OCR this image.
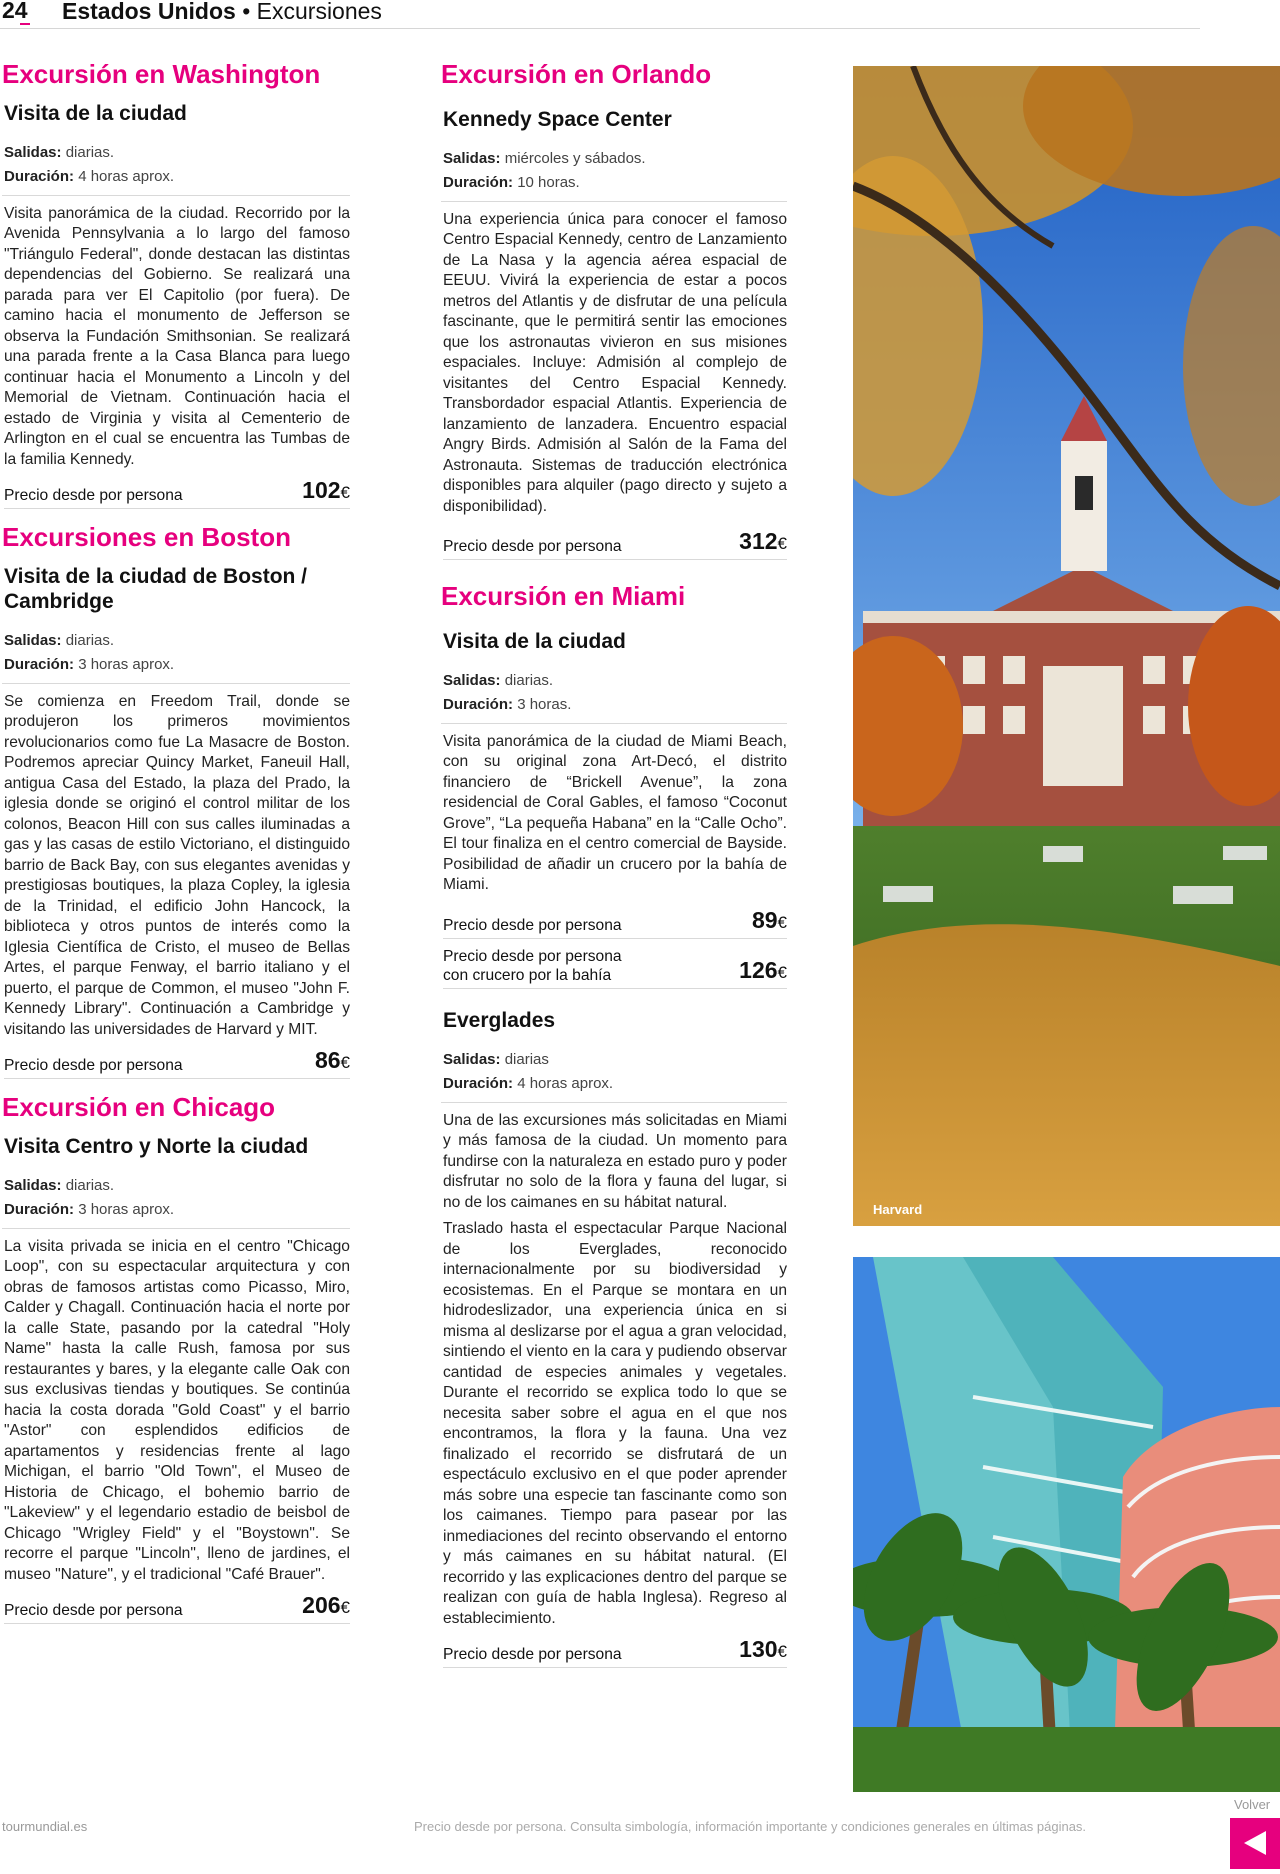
24 Estados Unidos • Excursiones
Excursión en Washington
Visita de la ciudad
Salidas: diarias.
Duración: 4 horas aprox.

Visita panorámica de la ciudad. Recorrido por la Avenida Pennsylvania a lo largo del famoso "Triángulo Federal", donde destacan las distintas dependencias del Gobierno. Se realizará una parada para ver El Capitolio (por fuera). De camino hacia el monumento de Jefferson se observa la Fundación Smithsonian. Se realizará una parada frente a la Casa Blanca para luego continuar hacia el Monumento a Lincoln y del Memorial de Vietnam. Continuación hacia el estado de Virginia y visita al Cementerio de Arlington en el cual se encuentra las Tumbas de la familia Kennedy.

Precio desde por persona	102€
Excursiones en Boston
Visita de la ciudad de Boston / Cambridge
Salidas: diarias.
Duración: 3 horas aprox.

Se comienza en Freedom Trail, donde se produjeron los primeros movimientos revolucionarios como fue La Masacre de Boston. Podremos apreciar Quincy Market, Faneuil Hall, antigua Casa del Estado, la plaza del Prado, la iglesia donde se originó el control militar de los colonos, Beacon Hill con sus calles iluminadas a gas y las casas de estilo Victoriano, el distinguido barrio de Back Bay, con sus elegantes avenidas y prestigiosas boutiques, la plaza Copley, la iglesia de la Trinidad, el edificio John Hancock, la biblioteca y otros puntos de interés como la Iglesia Científica de Cristo, el museo de Bellas Artes, el parque Fenway, el barrio italiano y el puerto, el parque de Common, el museo "John F. Kennedy Library". Continuación a Cambridge y visitando las universidades de Harvard y MIT.

Precio desde por persona	86€
Excursión en Chicago
Visita Centro y Norte la ciudad
Salidas: diarias.
Duración: 3 horas aprox.

La visita privada se inicia en el centro "Chicago Loop", con su espectacular arquitectura y con obras de famosos artistas como Picasso, Miro, Calder y Chagall. Continuación hacia el norte por la calle State, pasando por la catedral "Holy Name" hasta la calle Rush, famosa por sus restaurantes y bares, y la elegante calle Oak con sus exclusivas tiendas y boutiques. Se continúa hacia la costa dorada "Gold Coast" y el barrio "Astor" con esplendidos edificios de apartamentos y residencias frente al lago Michigan, el barrio "Old Town", el Museo de Historia de Chicago, el bohemio barrio de "Lakeview" y el legendario estadio de beisbol de Chicago "Wrigley Field" y el "Boystown". Se recorre el parque "Lincoln", lleno de jardines, el museo "Nature", y el tradicional "Café Brauer".

Precio desde por persona	206€
Excursión en Orlando
Kennedy Space Center
Salidas: miércoles y sábados.
Duración: 10 horas.

Una experiencia única para conocer el famoso Centro Espacial Kennedy, centro de Lanzamiento de La Nasa y la agencia aérea espacial de EEUU. Vivirá la experiencia de estar a pocos metros del Atlantis y de disfrutar de una película fascinante, que le permitirá sentir las emociones que los astronautas vivieron en sus misiones espaciales. Incluye: Admisión al complejo de visitantes del Centro Espacial Kennedy. Transbordador espacial Atlantis. Experiencia de lanzamiento de lanzadera. Encuentro espacial Angry Birds. Admisión al Salón de la Fama del Astronauta. Sistemas de traducción electrónica disponibles para alquiler (pago directo y sujeto a disponibilidad).

Precio desde por persona	312€
Excursión en Miami
Visita de la ciudad
Salidas: diarias.
Duración: 3 horas.

Visita panorámica de la ciudad de Miami Beach, con su original zona Art-Decó, el distrito financiero de “Brickell Avenue”, la zona residencial de Coral Gables, el famoso “Coconut Grove”, “La pequeña Habana” en la “Calle Ocho”. El tour finaliza en el centro comercial de Bayside. Posibilidad de añadir un crucero por la bahía de Miami.

Precio desde por persona	89€
Precio desde por persona
con crucero por la bahía	126€
Everglades
Salidas: diarias
Duración: 4 horas aprox.

Una de las excursiones más solicitadas en Miami y más famosa de la ciudad. Un momento para fundirse con la naturaleza en estado puro y poder disfrutar no solo de la flora y fauna del lugar, si no de los caimanes en su hábitat natural.

Traslado hasta el espectacular Parque Nacional de los Everglades, reconocido internacionalmente por su biodiversidad y ecosistemas. En el Parque se montara en un hidrodeslizador, una experiencia única en si misma al deslizarse por el agua a gran velocidad, sintiendo el viento en la cara y pudiendo observar cantidad de especies animales y vegetales. Durante el recorrido se explica todo lo que se necesita saber sobre el agua en el que nos encontramos, la flora y la fauna. Una vez finalizado el recorrido se disfrutará de un espectáculo exclusivo en el que poder aprender más sobre una especie tan fascinante como son los caimanes. Tiempo para pasear por las inmediaciones del recinto observando el entorno y más caimanes en su hábitat natural. (El recorrido y las explicaciones dentro del parque se realizan con guía de habla Inglesa). Regreso al establecimiento.

Precio desde por persona	130€
Harvard
tourmundial.es	Precio desde por persona. Consulta simbología, información importante y condiciones generales en últimas páginas.
Volver
